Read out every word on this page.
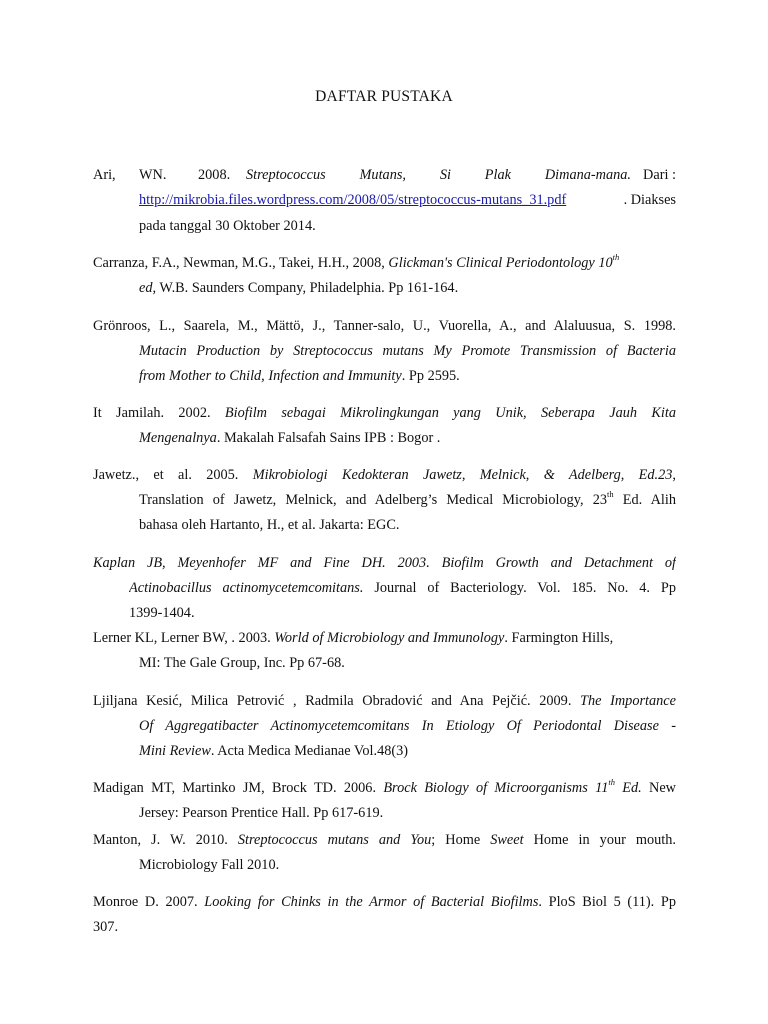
DAFTAR PUSTAKA
Ari, WN. 2008. Streptococcus Mutans, Si Plak Dimana-mana. Dari :
http://mikrobia.files.wordpress.com/2008/05/streptococcus-mutans_31.pdf	. Diakses
pada tanggal 30 Oktober 2014.
Carranza, F.A., Newman, M.G., Takei, H.H., 2008, Glickman's Clinical Periodontology 10th
ed, W.B. Saunders Company, Philadelphia. Pp 161-164.
Grönroos, L., Saarela, M., Mättö, J., Tanner-salo, U., Vuorella, A., and Alaluusua, S. 1998.
Mutacin Production by Streptococcus mutans My Promote Transmission of Bacteria
from Mother to Child, Infection and Immunity. Pp 2595.
It Jamilah. 2002. Biofilm sebagai Mikrolingkungan yang Unik, Seberapa Jauh Kita
Mengenalnya. Makalah Falsafah Sains IPB : Bogor .
Jawetz., et al. 2005. Mikrobiologi Kedokteran Jawetz, Melnick, & Adelberg, Ed.23,
Translation of Jawetz, Melnick, and Adelberg’s Medical Microbiology, 23th Ed. Alih
bahasa oleh Hartanto, H., et al. Jakarta: EGC.
Kaplan JB, Meyenhofer MF and Fine DH. 2003. Biofilm Growth and Detachment of
Actinobacillus actinomycetemcomitans. Journal of Bacteriology. Vol. 185. No. 4. Pp
1399-1404.
Lerner KL, Lerner BW, . 2003. World of Microbiology and Immunology. Farmington Hills,
MI: The Gale Group, Inc. Pp 67-68.
Ljiljana Kesić, Milica Petrović , Radmila Obradović and Ana Pejčić. 2009. The Importance
Of Aggregatibacter Actinomycetemcomitans In Etiology Of Periodontal Disease -
Mini Review. Acta Medica Medianae Vol.48(3)
Madigan MT, Martinko JM, Brock TD. 2006. Brock Biology of Microorganisms 11th Ed. New
Jersey: Pearson Prentice Hall. Pp 617-619.
Manton, J. W. 2010. Streptococcus mutans and You; Home Sweet Home in your mouth.
Microbiology Fall 2010.
Monroe D. 2007. Looking for Chinks in the Armor of Bacterial Biofilms. PloS Biol 5 (11). Pp
307.
